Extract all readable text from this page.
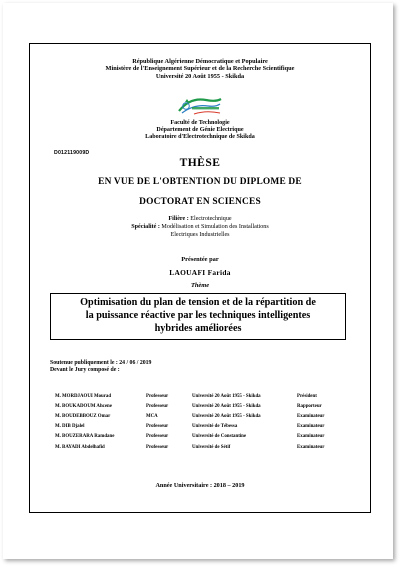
République Algérienne Démocratique et Populaire
Ministère de l'Enseignement Supérieur et de la Recherche Scientifique
Université 20 Août 1955 - Skikda
Faculté de Technologie
Département de Génie Electrique
Laboratoire d'Electrotechnique de Skikda
D012119009D
THÈSE
EN VUE DE L'OBTENTION DU DIPLOME DE
DOCTORAT EN SCIENCES
Filière : Electrotechnique
Spécialité : Modélisation et Simulation des Installations
Electriques Industrielles
Présentée par
LAOUAFI Farida
Thème
Optimisation du plan de tension et de la répartition de
la puissance réactive par les techniques intelligentes
hybrides améliorées
Soutenue publiquement le : 24 / 06 / 2019
Devant le Jury composé de :
M. MORDJAOUI Mourad	Professeur	Université 20 Août 1955 - Skikda	Président
M. BOUKADOUM Ahcene	Professeur	Université 20 Août 1955 - Skikda	Rapporteur
M. BOUDEBBOUZ Omar	MCA	Université 20 Août 1955 - Skikda	Examinateur
M. DIB Djalel	Professeur	Université de Tébessa	Examinateur
M. BOUZERARA Ramdane	Professeur	Université de Constantine	Examinateur
M. BAYADI Abdelhafid	Professeur	Université de Sétif	Examinateur
Année Universitaire : 2018 – 2019
